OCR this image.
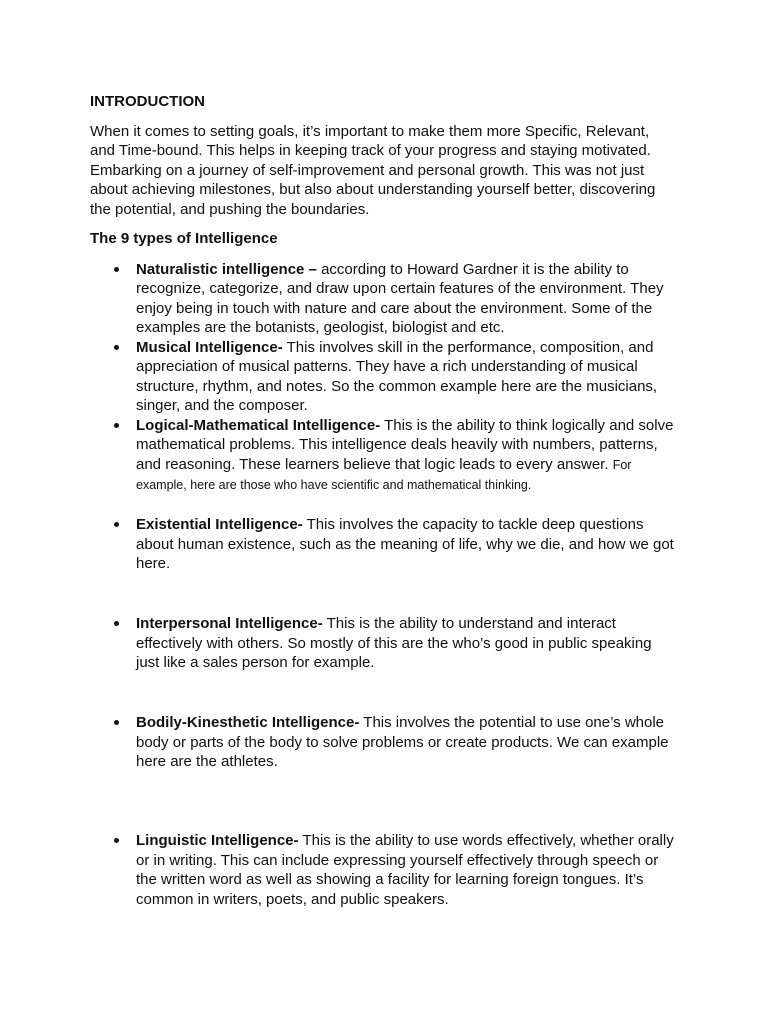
INTRODUCTION

When it comes to setting goals, it’s important to make them more Specific, Relevant, and Time-bound. This helps in keeping track of your progress and staying motivated. Embarking on a journey of self-improvement and personal growth. This was not just about achieving milestones, but also about understanding yourself better, discovering the potential, and pushing the boundaries.

The 9 types of Intelligence
Naturalistic intelligence – according to Howard Gardner it is the ability to recognize, categorize, and draw upon certain features of the environment. They enjoy being in touch with nature and care about the environment. Some of the examples are the botanists, geologist, biologist and etc.
Musical Intelligence- This involves skill in the performance, composition, and appreciation of musical patterns. They have a rich understanding of musical structure, rhythm, and notes. So the common example here are the musicians, singer, and the composer.
Logical-Mathematical Intelligence- This is the ability to think logically and solve mathematical problems. This intelligence deals heavily with numbers, patterns, and reasoning. These learners believe that logic leads to every answer. For example, here are those who have scientific and mathematical thinking.
Existential Intelligence- This involves the capacity to tackle deep questions about human existence, such as the meaning of life, why we die, and how we got here.
Interpersonal Intelligence- This is the ability to understand and interact effectively with others. So mostly of this are the who’s good in public speaking just like a sales person for example.
Bodily-Kinesthetic Intelligence- This involves the potential to use one’s whole body or parts of the body to solve problems or create products. We can example here are the athletes.
Linguistic Intelligence- This is the ability to use words effectively, whether orally or in writing. This can include expressing yourself effectively through speech or the written word as well as showing a facility for learning foreign tongues. It’s common in writers, poets, and public speakers.
